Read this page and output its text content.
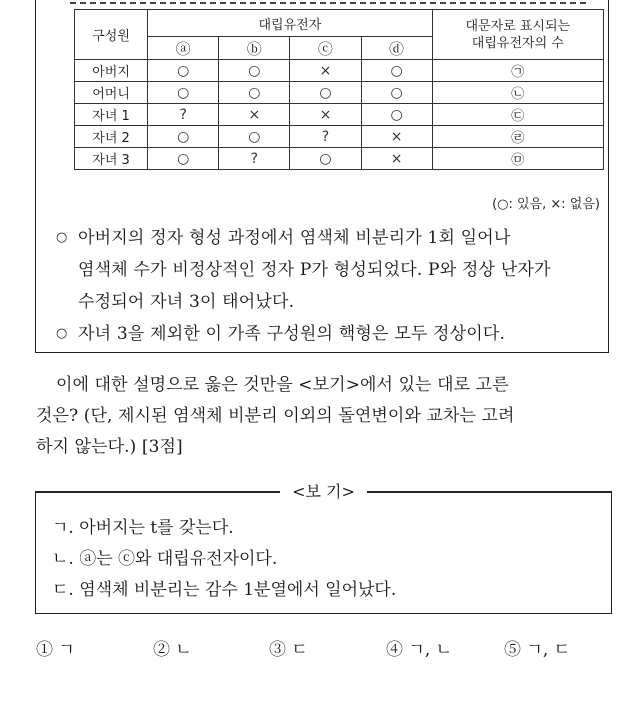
구성원	대립유전자				대문자로 표시되는
대립유전자의 수
	ⓐ	ⓑ	ⓒ	ⓓ	
아버지	○	○	×	○	㉠
어머니	○	○	○	○	㉡
자녀 1	?	×	×	○	㉢
자녀 2	○	○	?	×	㉣
자녀 3	○	?	○	×	㉤
(○: 있음, ×: 없음)
○ 아버지의 정자 형성 과정에서 염색체 비분리가 1회 일어나
염색체 수가 비정상적인 정자 P가 형성되었다. P와 정상 난자가
수정되어 자녀 3이 태어났다.
○ 자녀 3을 제외한 이 가족 구성원의 핵형은 모두 정상이다.
이에 대한 설명으로 옳은 것만을 <보기>에서 있는 대로 고른
것은? (단, 제시된 염색체 비분리 이외의 돌연변이와 교차는 고려
하지 않는다.) [3점]
<보 기>
ㄱ. 아버지는 t를 갖는다.
ㄴ. ⓐ는 ⓒ와 대립유전자이다.
ㄷ. 염색체 비분리는 감수 1분열에서 일어났다.
① ㄱ	② ㄴ	③ ㄷ	④ ㄱ, ㄴ	⑤ ㄱ, ㄷ
